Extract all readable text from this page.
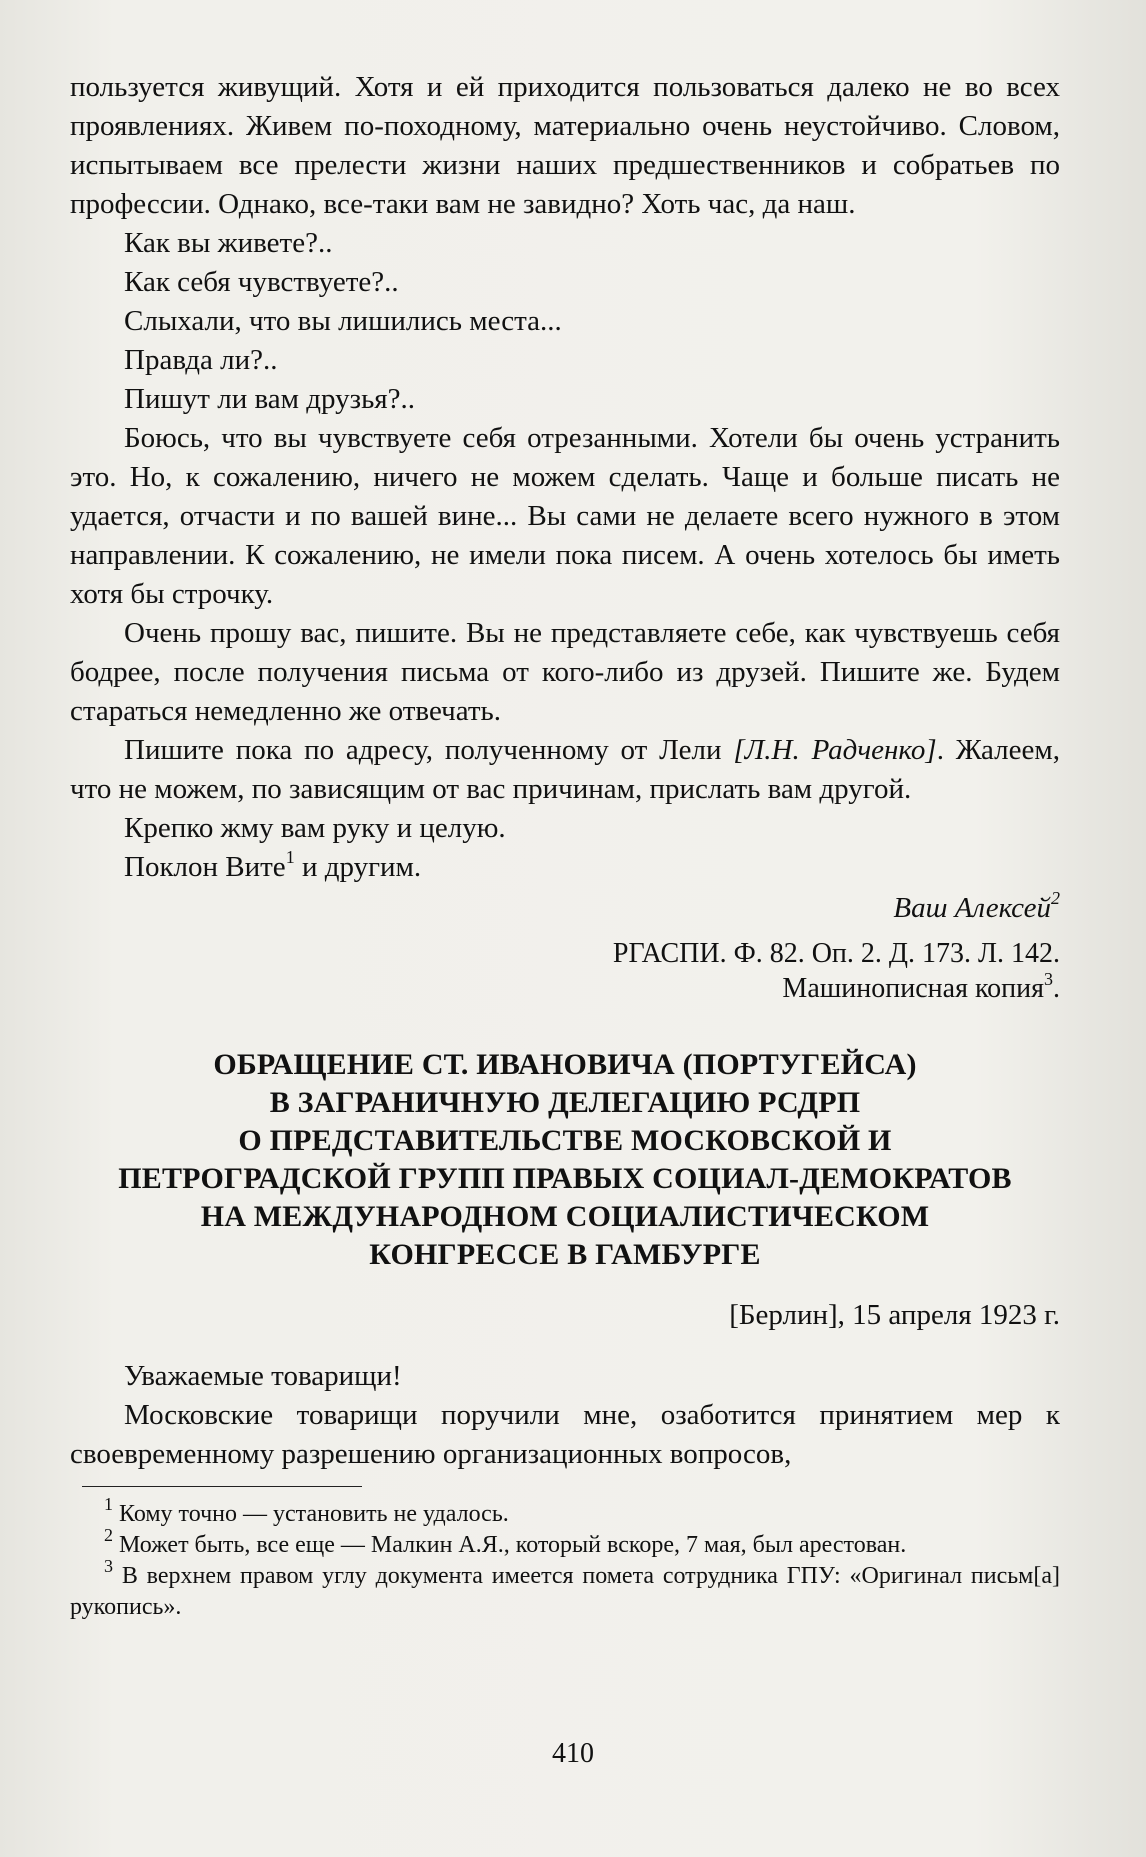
пользуется живущий. Хотя и ей приходится пользоваться далеко не во всех проявлениях. Живем по-походному, материально очень неустойчиво. Словом, испытываем все прелести жизни наших предшественников и собратьев по профессии. Однако, все-таки вам не завидно? Хоть час, да наш.

Как вы живете?..

Как себя чувствуете?..

Слыхали, что вы лишились места...

Правда ли?..

Пишут ли вам друзья?..

Боюсь, что вы чувствуете себя отрезанными. Хотели бы очень устранить это. Но, к сожалению, ничего не можем сделать. Чаще и больше писать не удается, отчасти и по вашей вине... Вы сами не делаете всего нужного в этом направлении. К сожалению, не имели пока писем. А очень хотелось бы иметь хотя бы строчку.

Очень прошу вас, пишите. Вы не представляете себе, как чувствуешь себя бодрее, после получения письма от кого-либо из друзей. Пишите же. Будем стараться немедленно же отвечать.

Пишите пока по адресу, полученному от Лели [Л.Н. Радченко]. Жалеем, что не можем, по зависящим от вас причинам, прислать вам другой.

Крепко жму вам руку и целую.

Поклон Вите$^1$ и другим.

Ваш Алексей$^2$

РГАСПИ. Ф. 82. Оп. 2. Д. 173. Л. 142.

Машинописная копия$^3$.

ОБРАЩЕНИЕ СТ. ИВАНОВИЧА (ПОРТУГЕЙСА)

В ЗАГРАНИЧНУЮ ДЕЛЕГАЦИЮ РСДРП

О ПРЕДСТАВИТЕЛЬСТВЕ МОСКОВСКОЙ И

ПЕТРОГРАДСКОЙ ГРУПП ПРАВЫХ СОЦИАЛ-ДЕМОКРАТОВ

НА МЕЖДУНАРОДНОМ СОЦИАЛИСТИЧЕСКОМ

КОНГРЕССЕ В ГАМБУРГЕ

[Берлин], 15 апреля 1923 г.

Уважаемые товарищи!

Московские товарищи поручили мне, озаботится принятием мер к своевременному разрешению организационных вопросов,

$^1$ Кому точно — установить не удалось.

$^2$ Может быть, все еще — Малкин А.Я., который вскоре, 7 мая, был арестован.

$^3$ В верхнем правом углу документа имеется помета сотрудника ГПУ: «Оригинал письм[а] рукопись».

410
